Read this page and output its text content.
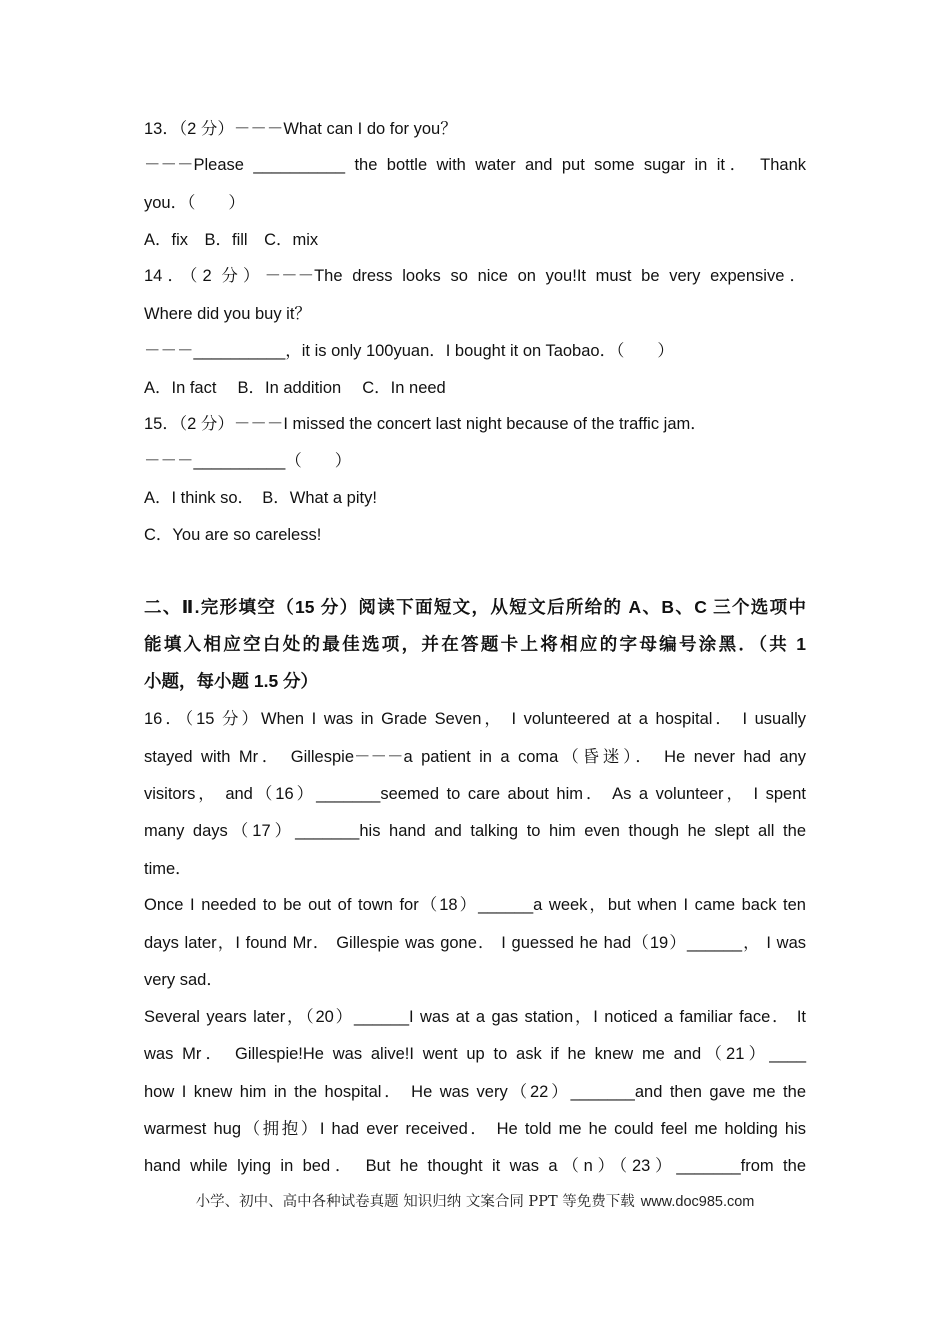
13．（2 分）－－－What can I do for you？
－－－Please __________ the bottle with water and put some sugar in it． Thank
you．（　　）
A．fix　B．fill　C．mix
14．（2 分）－－－The dress looks so nice on you!It must be very expensive．
Where did you buy it？
－－－__________，it is only 100yuan．I bought it on Taobao．（　　）
A．In fact　 B．In addition　 C．In need
15．（2 分）－－－I missed the concert last night because of the traffic jam．
－－－__________（　　）
A．I think so．　B．What a pity!
C．You are so careless!
二、Ⅱ.完形填空（15 分）阅读下面短文，从短文后所给的 A、B、C 三个选项中
能填入相应空白处的最佳选项，并在答题卡上将相应的字母编号涂黑．（共 1
小题，每小题 1.5 分）
16．（15 分）When I was in Grade Seven， I volunteered at a hospital． I usually
stayed with Mr． Gillespie－－－a patient in a coma（昏迷）． He never had any
visitors， and（16）_______seemed to care about him． As a volunteer， I spent
many days（17）_______his hand and talking to him even though he slept all the
time．
Once I needed to be out of town for（18）______a week，but when I came back ten
days later，I found Mr． Gillespie was gone． I guessed he had（19）______， I was
very sad．
Several years later，（20）______I was at a gas station，I noticed a familiar face． It
was Mr． Gillespie!He was alive!I went up to ask if he knew me and（21）____
how I knew him in the hospital． He was very（22）_______and then gave me the
warmest hug（拥抱）I had ever received． He told me he could feel me holding his
hand while lying in bed． But he thought it was a（n）（23）_______from the
小学、初中、高中各种试卷真题 知识归纳 文案合同 PPT 等免费下载 www.doc985.com
